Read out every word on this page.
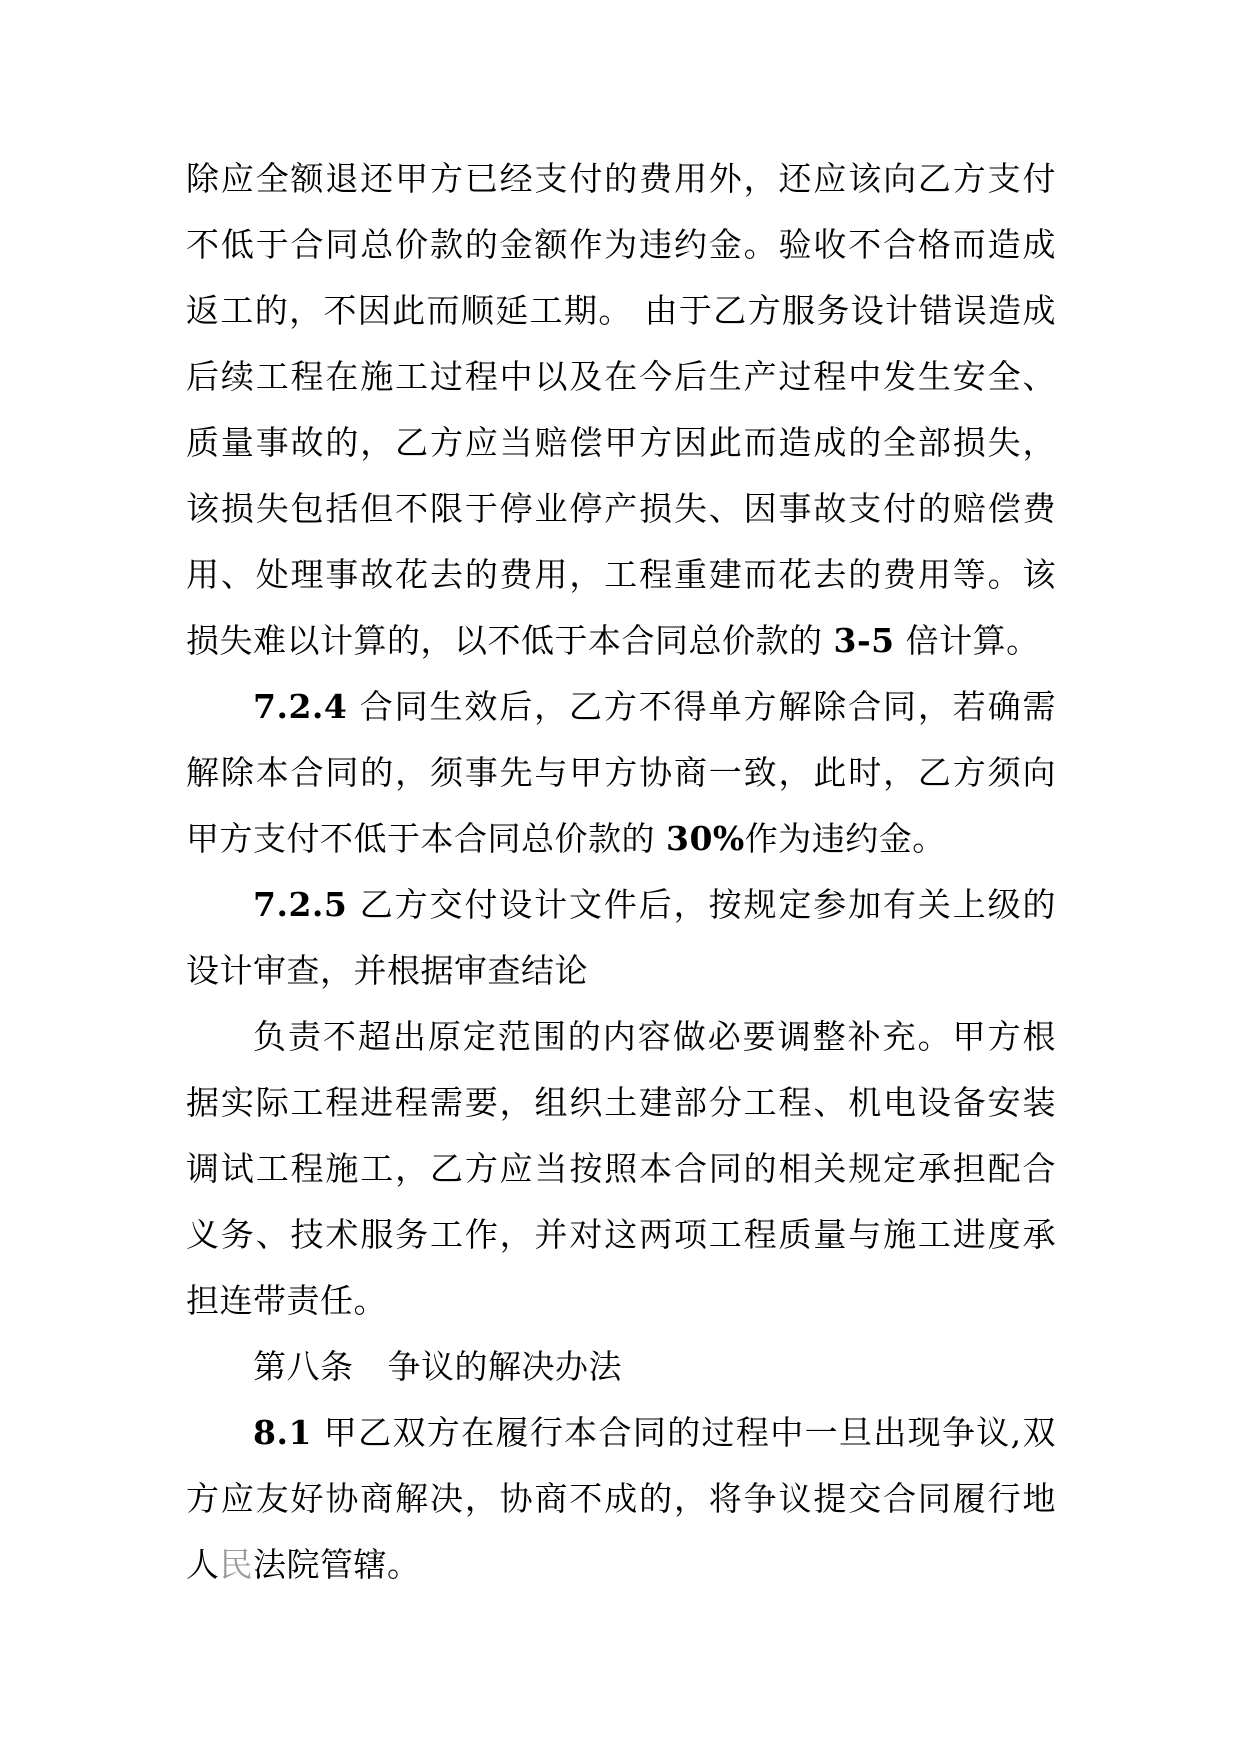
除应全额退还甲方已经支付的费用外，还应该向乙方支付不低于合同总价款的金额作为违约金。验收不合格而造成返工的，不因此而顺延工期。 由于乙方服务设计错误造成后续工程在施工过程中以及在今后生产过程中发生安全、质量事故的，乙方应当赔偿甲方因此而造成的全部损失，该损失包括但不限于停业停产损失、因事故支付的赔偿费用、处理事故花去的费用，工程重建而花去的费用等。该损失难以计算的，以不低于本合同总价款的 3-5 倍计算。

7.2.4 合同生效后，乙方不得单方解除合同，若确需解除本合同的，须事先与甲方协商一致，此时，乙方须向甲方支付不低于本合同总价款的 30%作为违约金。

7.2.5 乙方交付设计文件后，按规定参加有关上级的设计审查，并根据审查结论

负责不超出原定范围的内容做必要调整补充。甲方根据实际工程进程需要，组织土建部分工程、机电设备安装调试工程施工，乙方应当按照本合同的相关规定承担配合义务、技术服务工作，并对这两项工程质量与施工进度承担连带责任。

第八条 争议的解决办法

8.1 甲乙双方在履行本合同的过程中一旦出现争议,双方应友好协商解决，协商不成的，将争议提交合同履行地人民法院管辖。
